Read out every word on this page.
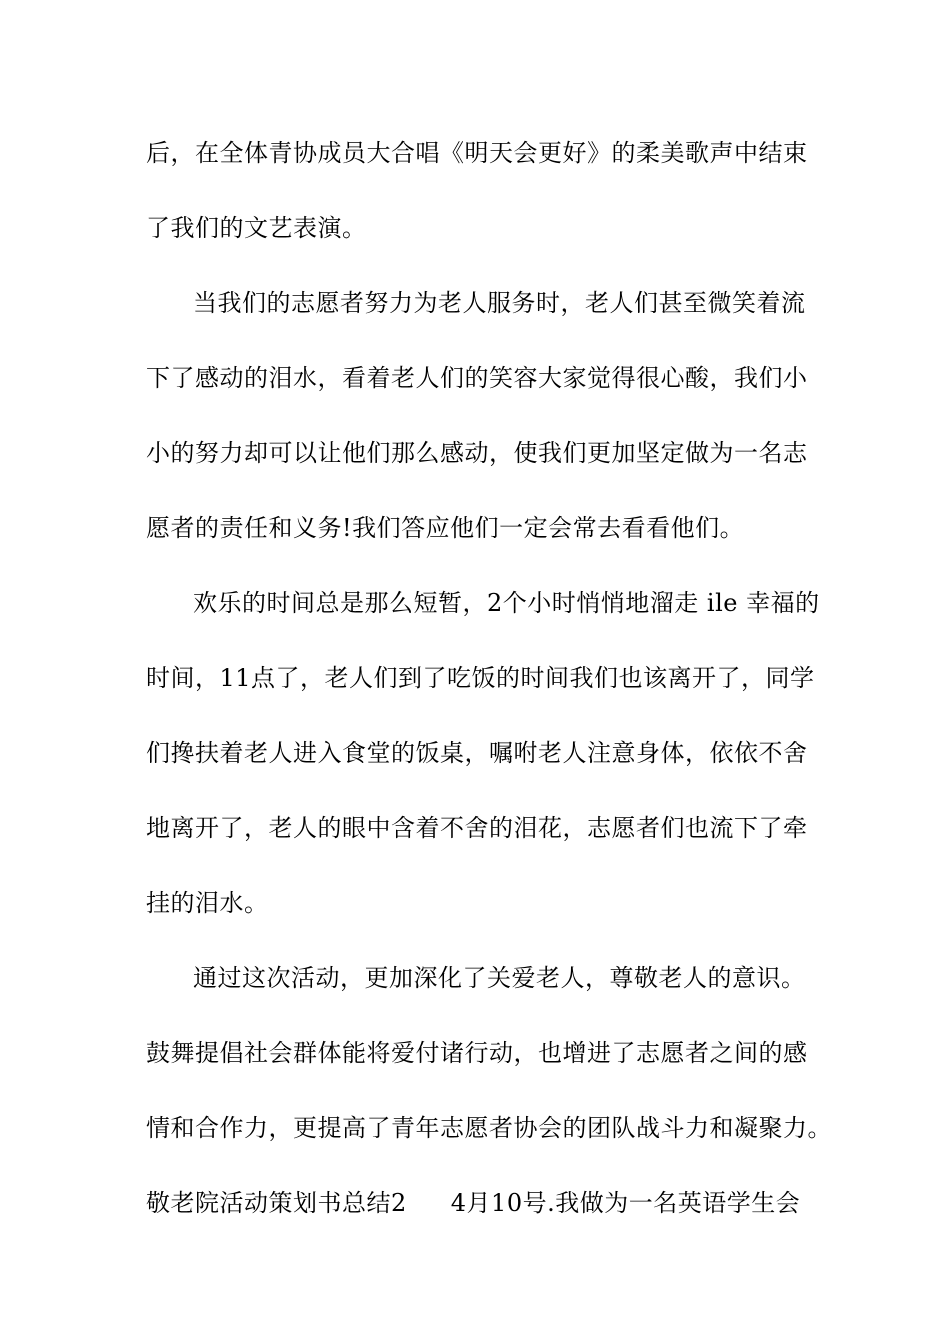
后，在全体青协成员大合唱《明天会更好》的柔美歌声中结束
了我们的文艺表演。
当我们的志愿者努力为老人服务时，老人们甚至微笑着流
下了感动的泪水，看着老人们的笑容大家觉得很心酸，我们小
小的努力却可以让他们那么感动，使我们更加坚定做为一名志
愿者的责任和义务!我们答应他们一定会常去看看他们。
欢乐的时间总是那么短暂，2个小时悄悄地溜走 ile 幸福的
时间，11点了，老人们到了吃饭的时间我们也该离开了，同学
们搀扶着老人进入食堂的饭桌，嘱咐老人注意身体，依依不舍
地离开了，老人的眼中含着不舍的泪花，志愿者们也流下了牵
挂的泪水。
通过这次活动，更加深化了关爱老人，尊敬老人的意识。
鼓舞提倡社会群体能将爱付诸行动，也增进了志愿者之间的感
情和合作力，更提高了青年志愿者协会的团队战斗力和凝聚力。
敬老院活动策划书总结2 4月10号.我做为一名英语学生会
